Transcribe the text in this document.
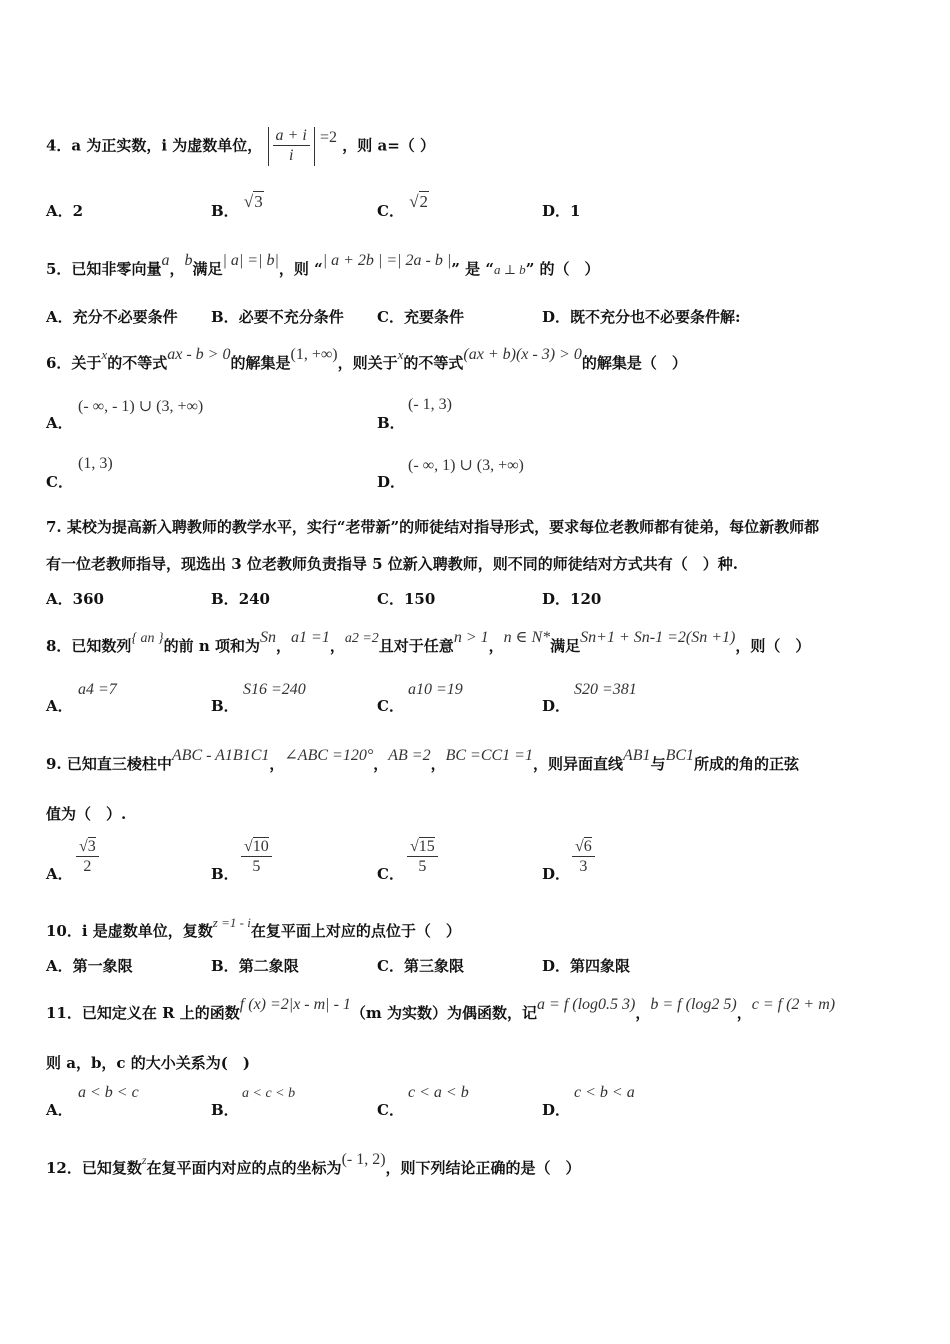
4．a 为正实数，i 为虚数单位， $\frac{a + i}{i} =2$ ，则 a=（ ）
A．2	B． √3	C． √2	D．1
5．已知非零向量a，b满足| a| =| b|，则 “| a + 2b | =| 2a - b |” 是 “a ⊥ b” 的（　）
A．充分不必要条件 B．必要不充分条件 C．充要条件	D．既不充分也不必要条件解:
6．关于x的不等式ax - b > 0的解集是(1, +∞)，则关于x的不等式(ax + b)(x - 3) > 0的解集是（　）
A．
(- ∞, - 1) ∪ (3, +∞)
B．
(- 1, 3)
C．
(1, 3)
D．
(- ∞, 1) ∪ (3, +∞)
7. 某校为提高新入聘教师的教学水平，实行“老带新”的师徒结对指导形式，要求每位老教师都有徒弟，每位新教师都
有一位老教师指导，现选出 3 位老教师负责指导 5 位新入聘教师，则不同的师徒结对方式共有（　）种.
A．360	B．240	C．150	D．120
8．已知数列{ an }的前 n 项和为Sn，a1 =1，a2 =2且对于任意n > 1，n ∈ N*满足Sn+1 + Sn-1 =2(Sn +1)，则（　）
A．
a4 =7
B．
S16 =240
C．
a10 =19
D．
S20 =381
9. 已知直三棱柱中ABC - A1B1C1，∠ABC =120°，AB =2，BC =CC1 =1，则异面直线AB1与BC1所成的角的正弦
值为（　）.
A． $\frac{√3}{2}$	B． $\frac{√10}{5}$	C． $\frac{√15}{5}$	D． $\frac{√6}{3}$
10．i 是虚数单位，复数z =1 - i在复平面上对应的点位于（　）
A．第一象限	B．第二象限	C．第三象限	D．第四象限
11．已知定义在 R 上的函数f (x) =2|x - m| - 1（m 为实数）为偶函数，记a = f (log0.5 3)，b = f (log2 5)，c = f (2 + m)
则 a，b，c 的大小关系为(　)
A．
a < b < c
B．
a < c < b
C．
c < a < b
D．
c < b < a
12．已知复数$^z$在复平面内对应的点的坐标为(- 1, 2)，则下列结论正确的是（　）
